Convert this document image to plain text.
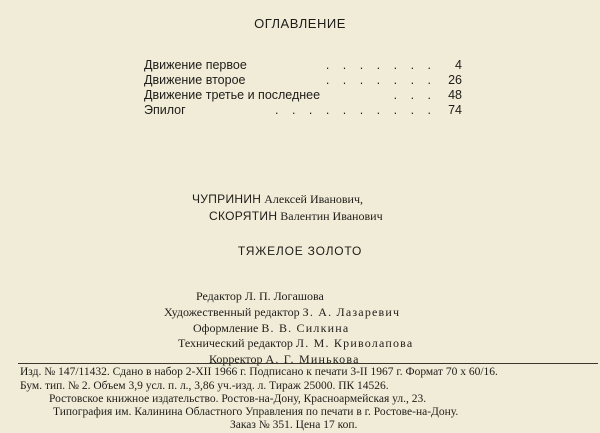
ОГЛАВЛЕНИЕ
Движение первое	. . . . . . .	4
Движение второе	. . . . . . . 26
Движение третье и последнее	. . . 48
Эпилог	. . . . . . . . . . 74
ЧУПРИНИН Алексей Иванович,
СКОРЯТИН Валентин Иванович
ТЯЖЕЛОЕ ЗОЛОТО
Редактор Л. П. Логашова
Художественный редактор З. А. Лазаревич
Оформление В. В. Силкина
Технический редактор Л. М. Криволапова
Корректор А. Г. Минькова
Изд. № 147/11432. Сдано в набор 2-XII 1966 г. Подписано к печати 3-II 1967 г. Формат 70 х 60/16.
Бум. тип. № 2. Объем 3,9 усл. п. л., 3,86 уч.-изд. л. Тираж 25000. ПК 14526.
Ростовское книжное издательство. Ростов-на-Дону, Красноармейская ул., 23.
Типография им. Калинина Областного Управления по печати в г. Ростове-на-Дону.
Заказ № 351. Цена 17 коп.
